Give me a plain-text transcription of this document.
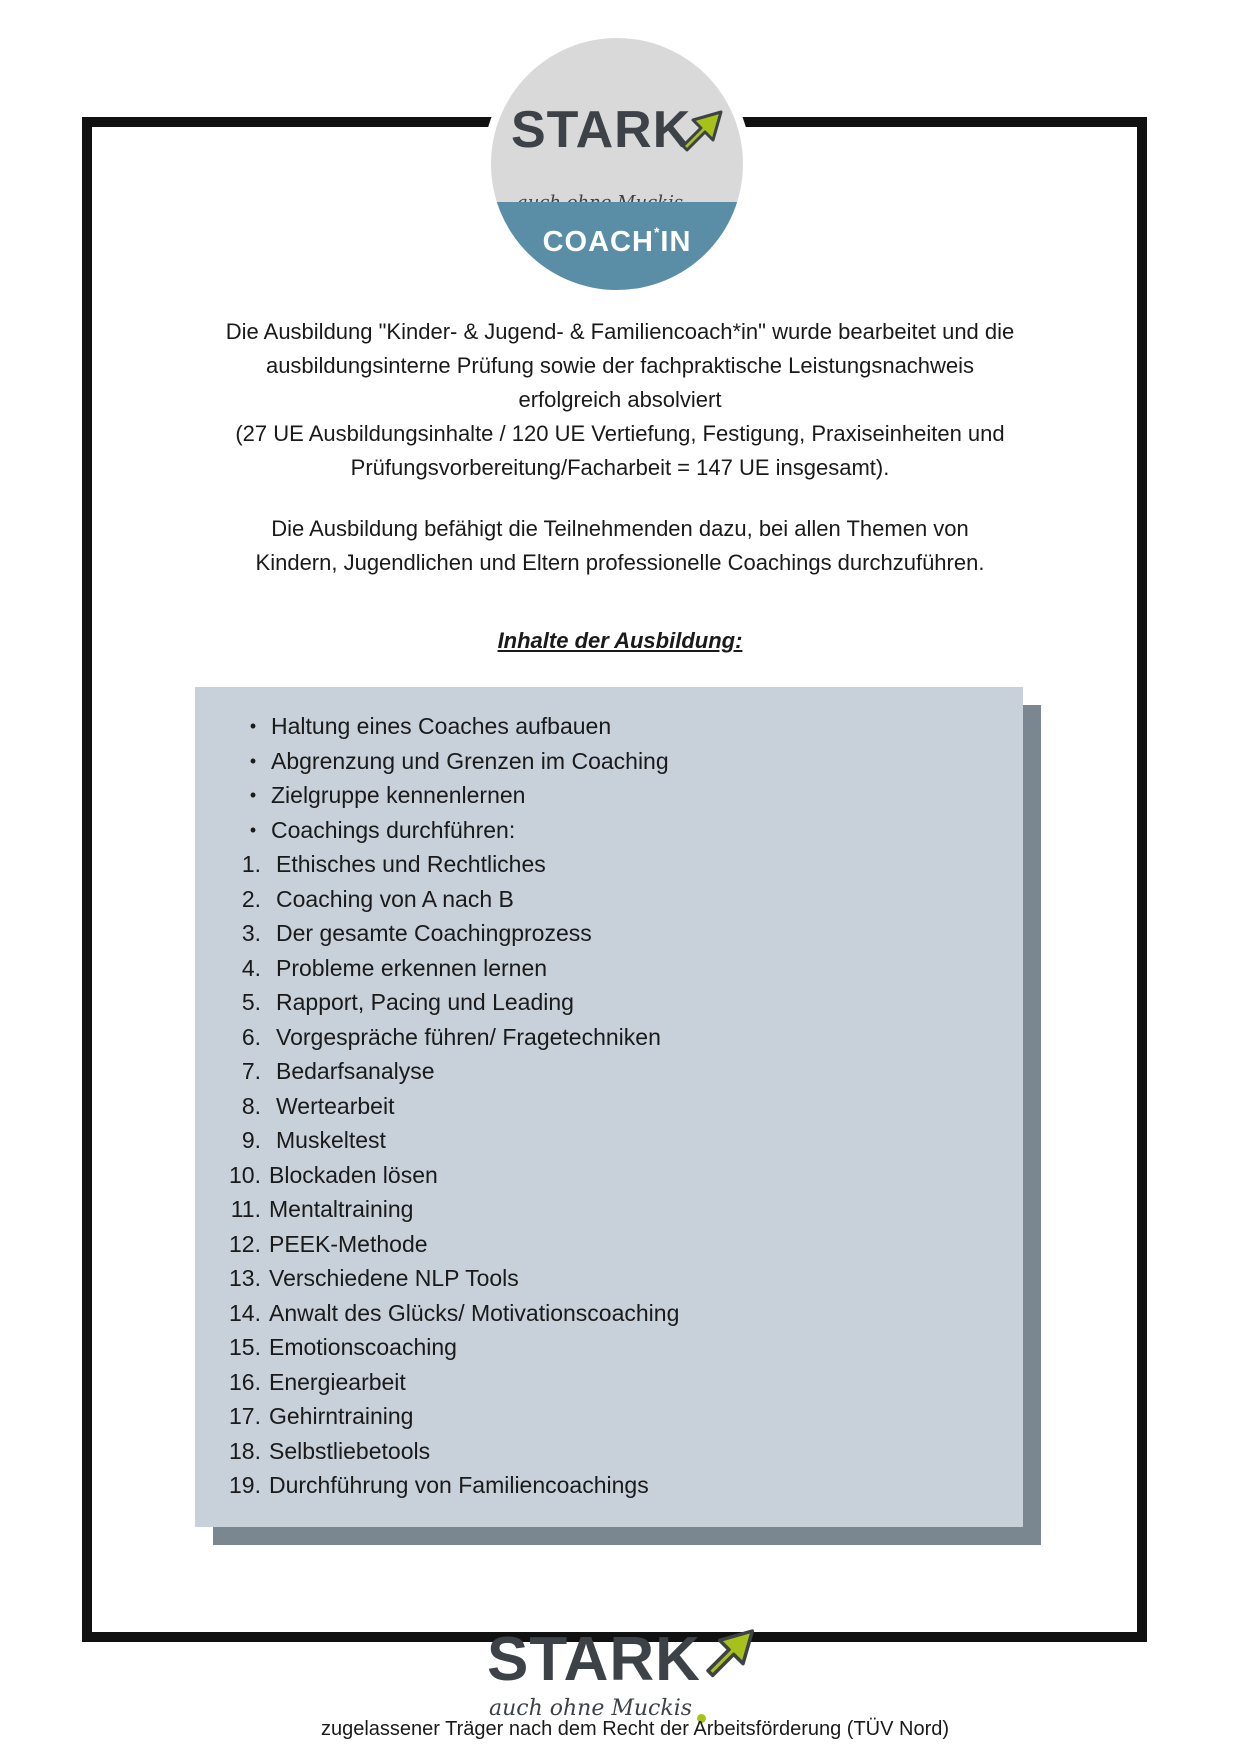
STARK
COACH*IN

Die Ausbildung "Kinder- & Jugend- & Familiencoach*in" wurde bearbeitet und die

ausbildungsinterne Prüfung sowie der fachpraktische Leistungsnachweis

erfolgreich absolviert

(27 UE Ausbildungsinhalte / 120 UE Vertiefung, Festigung, Praxiseinheiten und

Prüfungsvorbereitung/Facharbeit = 147 UE insgesamt).

Die Ausbildung befähigt die Teilnehmenden dazu, bei allen Themen von

Kindern, Jugendlichen und Eltern professionelle Coachings durchzuführen.

Inhalte der Ausbildung:
• Haltung eines Coaches aufbauen
• Abgrenzung und Grenzen im Coaching
• Zielgruppe kennenlernen
• Coachings durchführen:
1. Ethisches und Rechtliches
2. Coaching von A nach B
3. Der gesamte Coachingprozess
4. Probleme erkennen lernen
5. Rapport, Pacing und Leading
6. Vorgespräche führen/ Fragetechniken
7. Bedarfsanalyse
8. Wertearbeit
9. Muskeltest
10. Blockaden lösen
11. Mentaltraining
12. PEEK-Methode
13. Verschiedene NLP Tools
14. Anwalt des Glücks/ Motivationscoaching
15. Emotionscoaching
16. Energiearbeit
17. Gehirntraining
18. Selbstliebetools
19. Durchführung von Familiencoachings
STARK
auch ohne Muckis
zugelassener Träger nach dem Recht der Arbeitsförderung (TÜV Nord)
